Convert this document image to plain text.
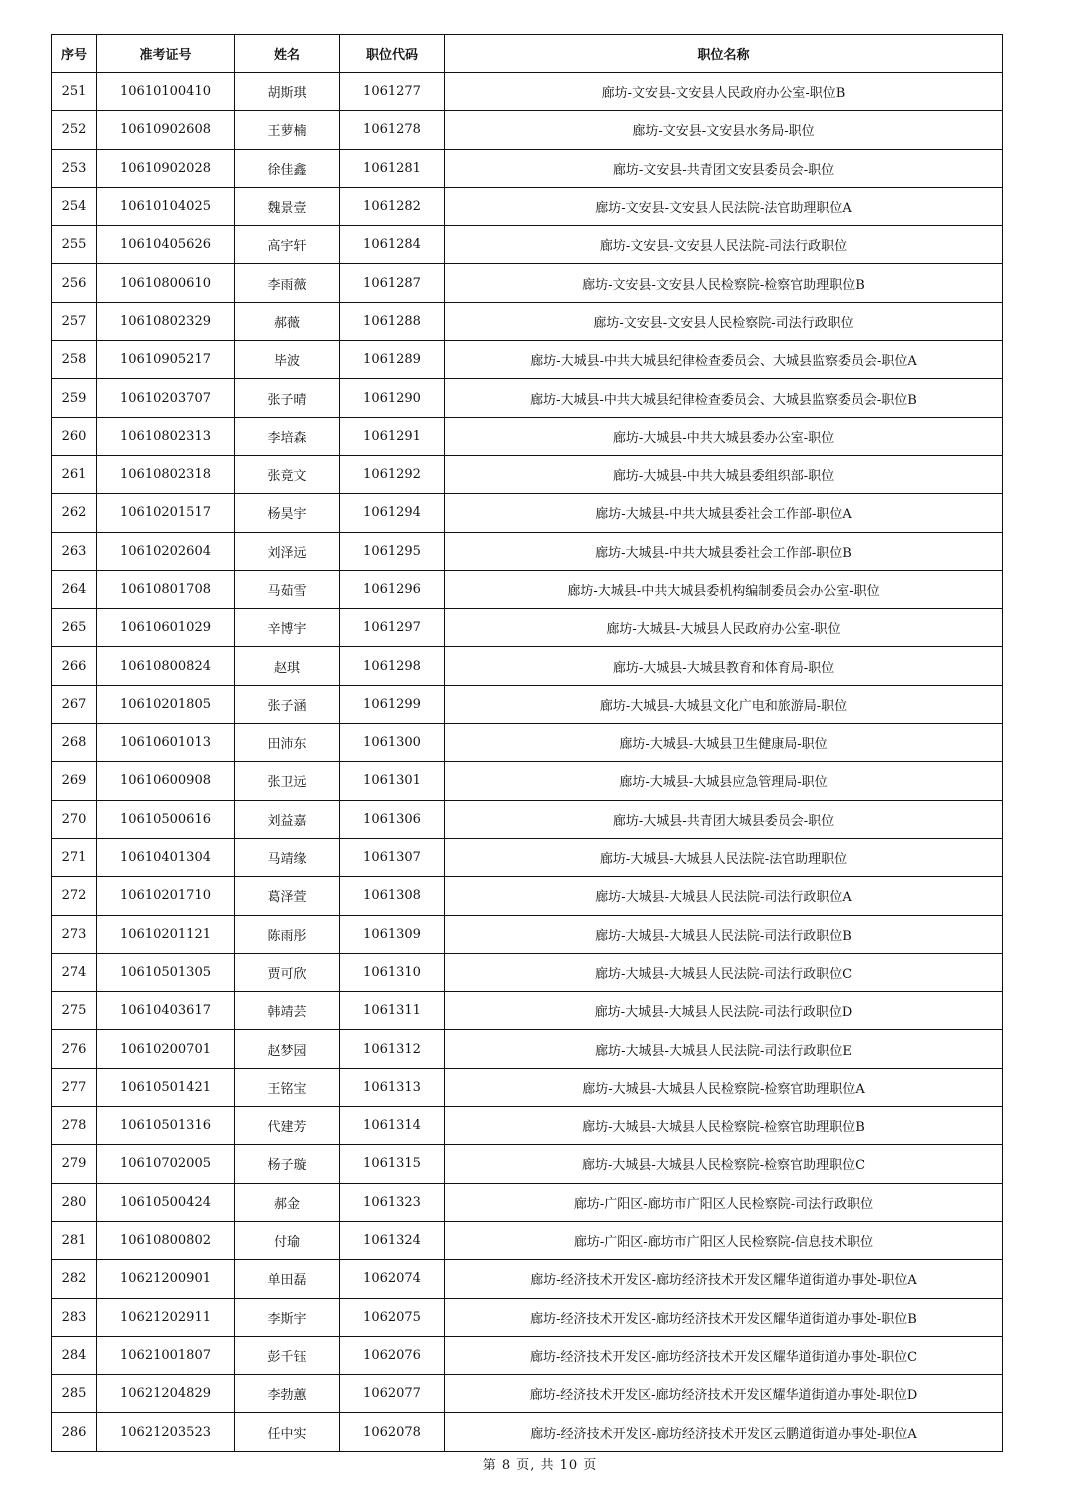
序号	准考证号	姓名	职位代码	职位名称
251	10610100410	胡斯琪	1061277	廊坊-文安县-文安县人民政府办公室-职位B
252	10610902608	王萝楠	1061278	廊坊-文安县-文安县水务局-职位
253	10610902028	徐佳鑫	1061281	廊坊-文安县-共青团文安县委员会-职位
254	10610104025	魏景壹	1061282	廊坊-文安县-文安县人民法院-法官助理职位A
255	10610405626	高宇轩	1061284	廊坊-文安县-文安县人民法院-司法行政职位
256	10610800610	李雨薇	1061287	廊坊-文安县-文安县人民检察院-检察官助理职位B
257	10610802329	郝薇	1061288	廊坊-文安县-文安县人民检察院-司法行政职位
258	10610905217	毕波	1061289	廊坊-大城县-中共大城县纪律检查委员会、大城县监察委员会-职位A
259	10610203707	张子晴	1061290	廊坊-大城县-中共大城县纪律检查委员会、大城县监察委员会-职位B
260	10610802313	李培森	1061291	廊坊-大城县-中共大城县委办公室-职位
261	10610802318	张竟文	1061292	廊坊-大城县-中共大城县委组织部-职位
262	10610201517	杨昊宇	1061294	廊坊-大城县-中共大城县委社会工作部-职位A
263	10610202604	刘泽远	1061295	廊坊-大城县-中共大城县委社会工作部-职位B
264	10610801708	马茹雪	1061296	廊坊-大城县-中共大城县委机构编制委员会办公室-职位
265	10610601029	辛博宇	1061297	廊坊-大城县-大城县人民政府办公室-职位
266	10610800824	赵琪	1061298	廊坊-大城县-大城县教育和体育局-职位
267	10610201805	张子涵	1061299	廊坊-大城县-大城县文化广电和旅游局-职位
268	10610601013	田沛东	1061300	廊坊-大城县-大城县卫生健康局-职位
269	10610600908	张卫远	1061301	廊坊-大城县-大城县应急管理局-职位
270	10610500616	刘益嘉	1061306	廊坊-大城县-共青团大城县委员会-职位
271	10610401304	马靖缘	1061307	廊坊-大城县-大城县人民法院-法官助理职位
272	10610201710	葛泽萱	1061308	廊坊-大城县-大城县人民法院-司法行政职位A
273	10610201121	陈雨彤	1061309	廊坊-大城县-大城县人民法院-司法行政职位B
274	10610501305	贾可欣	1061310	廊坊-大城县-大城县人民法院-司法行政职位C
275	10610403617	韩靖芸	1061311	廊坊-大城县-大城县人民法院-司法行政职位D
276	10610200701	赵梦园	1061312	廊坊-大城县-大城县人民法院-司法行政职位E
277	10610501421	王铭宝	1061313	廊坊-大城县-大城县人民检察院-检察官助理职位A
278	10610501316	代建芳	1061314	廊坊-大城县-大城县人民检察院-检察官助理职位B
279	10610702005	杨子璇	1061315	廊坊-大城县-大城县人民检察院-检察官助理职位C
280	10610500424	郝金	1061323	廊坊-广阳区-廊坊市广阳区人民检察院-司法行政职位
281	10610800802	付瑜	1061324	廊坊-广阳区-廊坊市广阳区人民检察院-信息技术职位
282	10621200901	单田磊	1062074	廊坊-经济技术开发区-廊坊经济技术开发区耀华道街道办事处-职位A
283	10621202911	李斯宇	1062075	廊坊-经济技术开发区-廊坊经济技术开发区耀华道街道办事处-职位B
284	10621001807	彭千钰	1062076	廊坊-经济技术开发区-廊坊经济技术开发区耀华道街道办事处-职位C
285	10621204829	李勃蕙	1062077	廊坊-经济技术开发区-廊坊经济技术开发区耀华道街道办事处-职位D
286	10621203523	任中实	1062078	廊坊-经济技术开发区-廊坊经济技术开发区云鹏道街道办事处-职位A
第 8 页, 共 10 页
